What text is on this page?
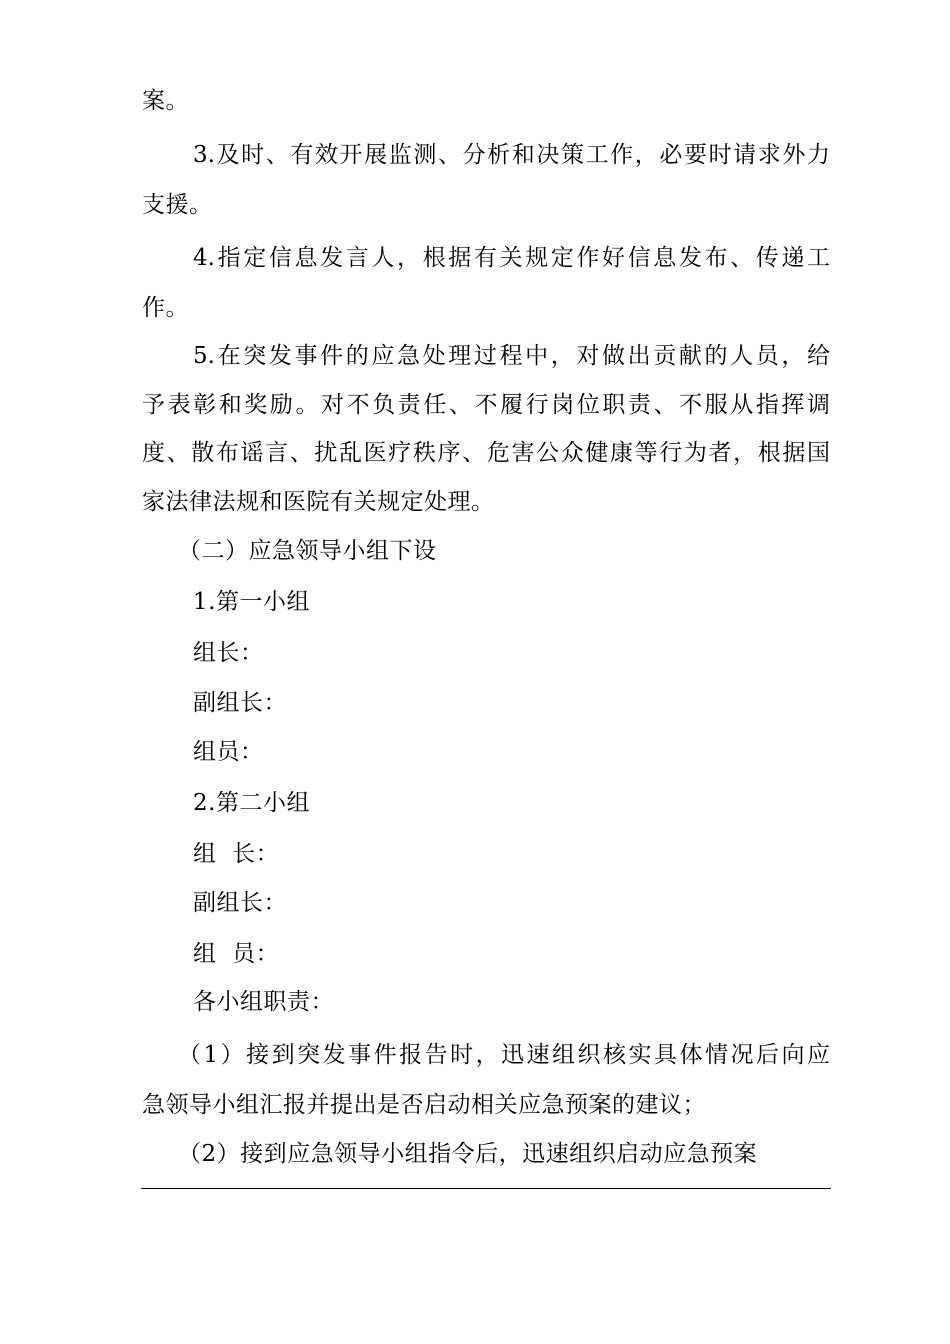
案。
3.及时、有效开展监测、分析和决策工作，必要时请求外力
支援。
4.指定信息发言人，根据有关规定作好信息发布、传递工
作。
5.在突发事件的应急处理过程中，对做出贡献的人员，给
予表彰和奖励。对不负责任、不履行岗位职责、不服从指挥调
度、散布谣言、扰乱医疗秩序、危害公众健康等行为者，根据国
家法律法规和医院有关规定处理。
（二）应急领导小组下设
1.第一小组
组长：
副组长：
组员：
2.第二小组
组  长：
副组长：
组  员：
各小组职责：
（1）接到突发事件报告时，迅速组织核实具体情况后向应
急领导小组汇报并提出是否启动相关应急预案的建议；
（2）接到应急领导小组指令后，迅速组织启动应急预案
